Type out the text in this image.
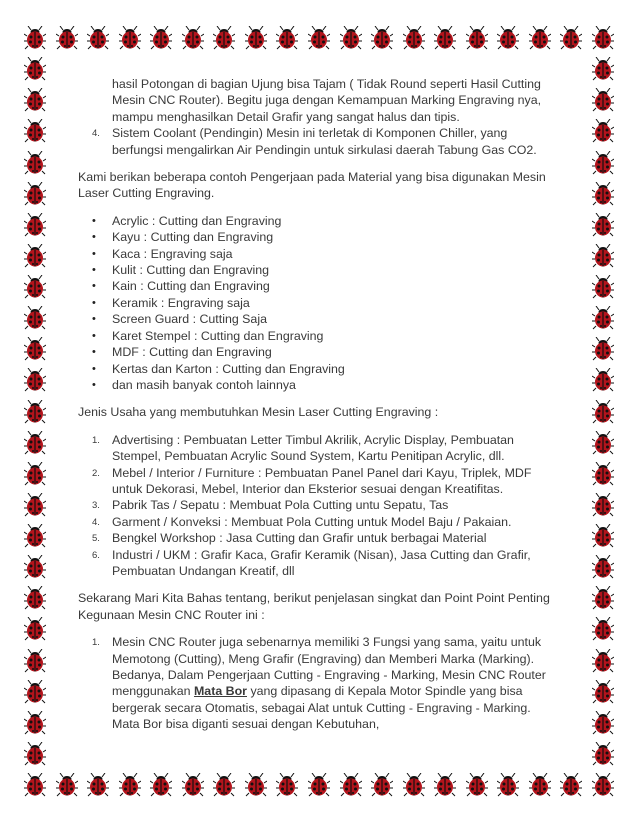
hasil Potongan di bagian Ujung bisa Tajam ( Tidak Round seperti Hasil Cutting Mesin CNC Router). Begitu juga dengan Kemampuan Marking Engraving nya, mampu menghasilkan Detail Grafir yang sangat halus dan tipis.
4. Sistem Coolant (Pendingin) Mesin ini terletak di Komponen Chiller, yang berfungsi mengalirkan Air Pendingin untuk sirkulasi daerah Tabung Gas CO2.

Kami berikan beberapa contoh Pengerjaan pada Material yang bisa digunakan Mesin Laser Cutting Engraving.

• Acrylic : Cutting dan Engraving
• Kayu : Cutting dan Engraving
• Kaca : Engraving saja
• Kulit : Cutting dan Engraving
• Kain : Cutting dan Engraving
• Keramik : Engraving saja
• Screen Guard : Cutting Saja
• Karet Stempel : Cutting dan Engraving
• MDF : Cutting dan Engraving
• Kertas dan Karton : Cutting dan Engraving
• dan masih banyak contoh lainnya

Jenis Usaha yang membutuhkan Mesin Laser Cutting Engraving :

1. Advertising : Pembuatan Letter Timbul Akrilik, Acrylic Display, Pembuatan Stempel, Pembuatan Acrylic Sound System, Kartu Penitipan Acrylic, dll.
2. Mebel / Interior / Furniture : Pembuatan Panel Panel dari Kayu, Triplek, MDF untuk Dekorasi, Mebel, Interior dan Eksterior sesuai dengan Kreatifitas.
3. Pabrik Tas / Sepatu : Membuat Pola Cutting untu Sepatu, Tas
4. Garment / Konveksi : Membuat Pola Cutting untuk Model Baju / Pakaian.
5. Bengkel Workshop : Jasa Cutting dan Grafir untuk berbagai Material
6. Industri / UKM : Grafir Kaca, Grafir Keramik (Nisan), Jasa Cutting dan Grafir, Pembuatan Undangan Kreatif, dll

Sekarang Mari Kita Bahas tentang, berikut penjelasan singkat dan Point Point Penting Kegunaan Mesin CNC Router ini :

1. Mesin CNC Router juga sebenarnya memiliki 3 Fungsi yang sama, yaitu untuk Memotong (Cutting), Meng Grafir (Engraving) dan Memberi Marka (Marking). Bedanya, Dalam Pengerjaan Cutting - Engraving - Marking, Mesin CNC Router menggunakan Mata Bor yang dipasang di Kepala Motor Spindle yang bisa bergerak secara Otomatis, sebagai Alat untuk Cutting - Engraving - Marking. Mata Bor bisa diganti sesuai dengan Kebutuhan,
